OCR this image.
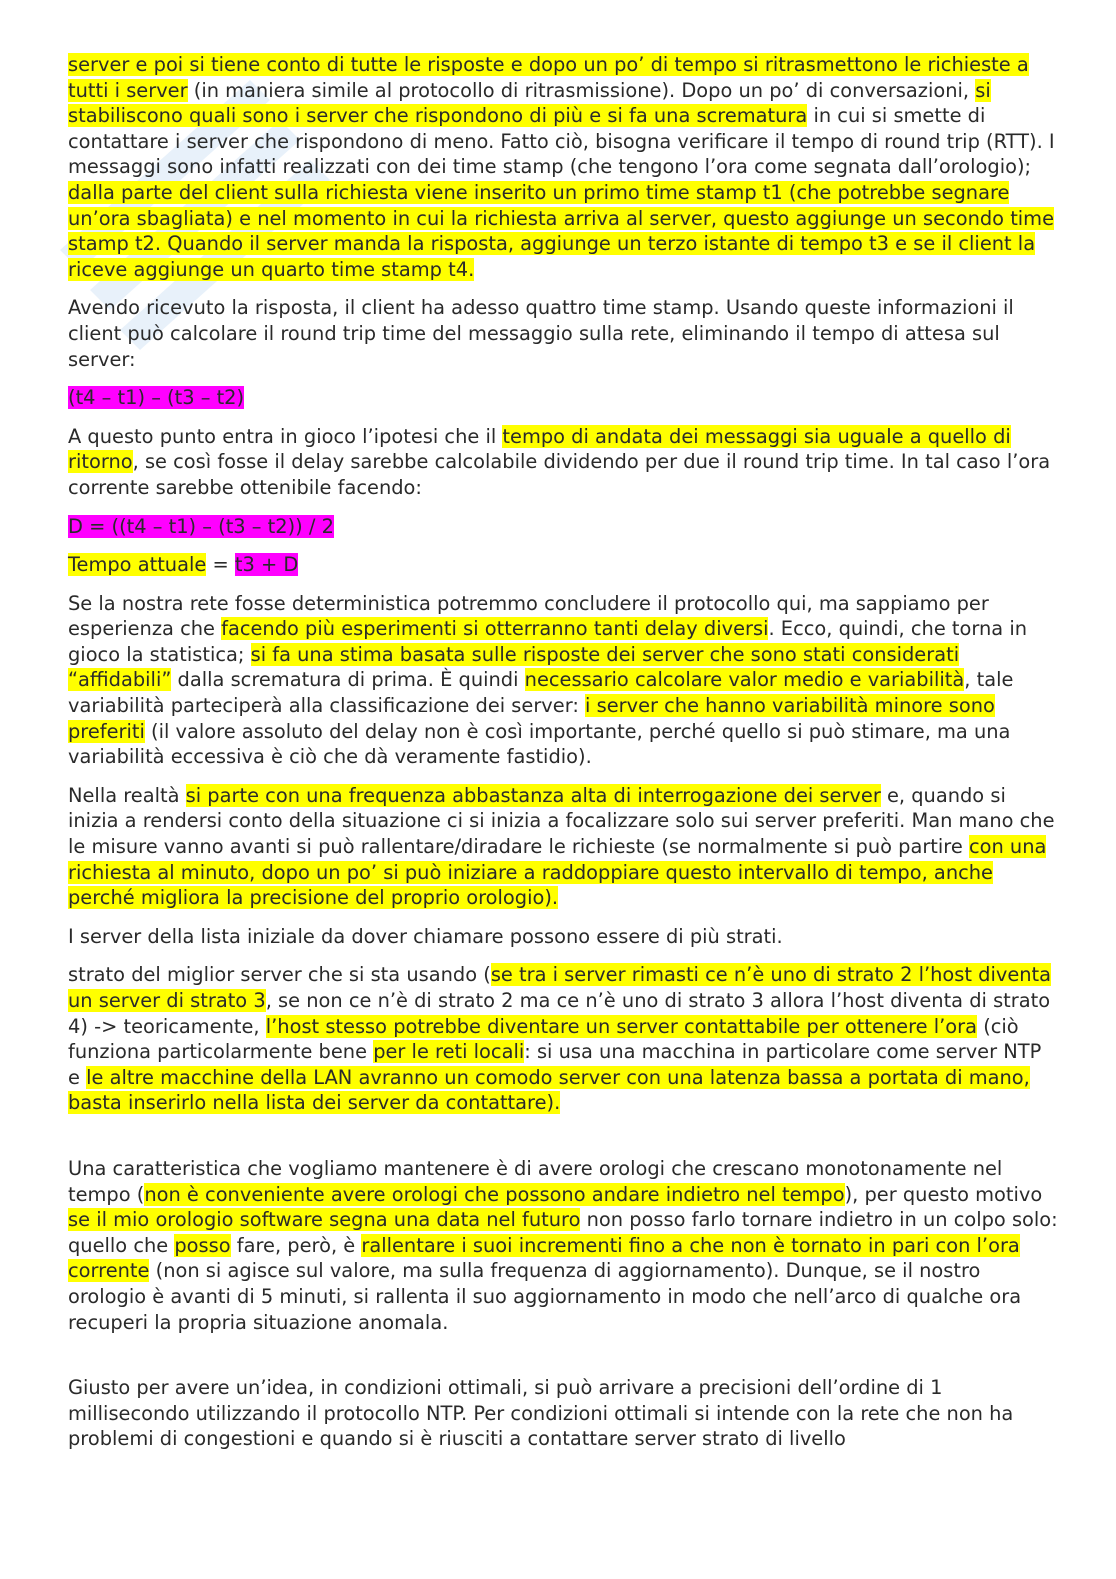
server e poi si tiene conto di tutte le risposte e dopo un po’ di tempo si ritrasmettono le richieste a tutti i server (in maniera simile al protocollo di ritrasmissione). Dopo un po’ di conversazioni, si stabiliscono quali sono i server che rispondono di più e si fa una scrematura in cui si smette di contattare i server che rispondono di meno. Fatto ciò, bisogna verificare il tempo di round trip (RTT). I messaggi sono infatti realizzati con dei time stamp (che tengono l’ora come segnata dall’orologio); dalla parte del client sulla richiesta viene inserito un primo time stamp t1 (che potrebbe segnare un’ora sbagliata) e nel momento in cui la richiesta arriva al server, questo aggiunge un secondo time stamp t2. Quando il server manda la risposta, aggiunge un terzo istante di tempo t3 e se il client la riceve aggiunge un quarto time stamp t4.

Avendo ricevuto la risposta, il client ha adesso quattro time stamp. Usando queste informazioni il client può calcolare il round trip time del messaggio sulla rete, eliminando il tempo di attesa sul server:

(t4 – t1) – (t3 – t2)

A questo punto entra in gioco l’ipotesi che il tempo di andata dei messaggi sia uguale a quello di ritorno, se così fosse il delay sarebbe calcolabile dividendo per due il round trip time. In tal caso l’ora corrente sarebbe ottenibile facendo:

D = ((t4 – t1) – (t3 – t2)) / 2

Tempo attuale = t3 + D

Se la nostra rete fosse deterministica potremmo concludere il protocollo qui, ma sappiamo per esperienza che facendo più esperimenti si otterranno tanti delay diversi. Ecco, quindi, che torna in gioco la statistica; si fa una stima basata sulle risposte dei server che sono stati considerati “affidabili” dalla scrematura di prima. È quindi necessario calcolare valor medio e variabilità, tale variabilità parteciperà alla classificazione dei server: i server che hanno variabilità minore sono preferiti (il valore assoluto del delay non è così importante, perché quello si può stimare, ma una variabilità eccessiva è ciò che dà veramente fastidio).

Nella realtà si parte con una frequenza abbastanza alta di interrogazione dei server e, quando si inizia a rendersi conto della situazione ci si inizia a focalizzare solo sui server preferiti. Man mano che le misure vanno avanti si può rallentare/diradare le richieste (se normalmente si può partire con una richiesta al minuto, dopo un po’ si può iniziare a raddoppiare questo intervallo di tempo, anche perché migliora la precisione del proprio orologio).

I server della lista iniziale da dover chiamare possono essere di più strati.

strato del miglior server che si sta usando (se tra i server rimasti ce n’è uno di strato 2 l’host diventa un server di strato 3, se non ce n’è di strato 2 ma ce n’è uno di strato 3 allora l’host diventa di strato 4) -> teoricamente, l’host stesso potrebbe diventare un server contattabile per ottenere l’ora (ciò funziona particolarmente bene per le reti locali: si usa una macchina in particolare come server NTP e le altre macchine della LAN avranno un comodo server con una latenza bassa a portata di mano, basta inserirlo nella lista dei server da contattare).

Una caratteristica che vogliamo mantenere è di avere orologi che crescano monotonamente nel tempo (non è conveniente avere orologi che possono andare indietro nel tempo), per questo motivo se il mio orologio software segna una data nel futuro non posso farlo tornare indietro in un colpo solo: quello che posso fare, però, è rallentare i suoi incrementi fino a che non è tornato in pari con l’ora corrente (non si agisce sul valore, ma sulla frequenza di aggiornamento). Dunque, se il nostro orologio è avanti di 5 minuti, si rallenta il suo aggiornamento in modo che nell’arco di qualche ora recuperi la propria situazione anomala.

Giusto per avere un’idea, in condizioni ottimali, si può arrivare a precisioni dell’ordine di 1 millisecondo utilizzando il protocollo NTP. Per condizioni ottimali si intende con la rete che non ha problemi di congestioni e quando si è riusciti a contattare server strato di livello
